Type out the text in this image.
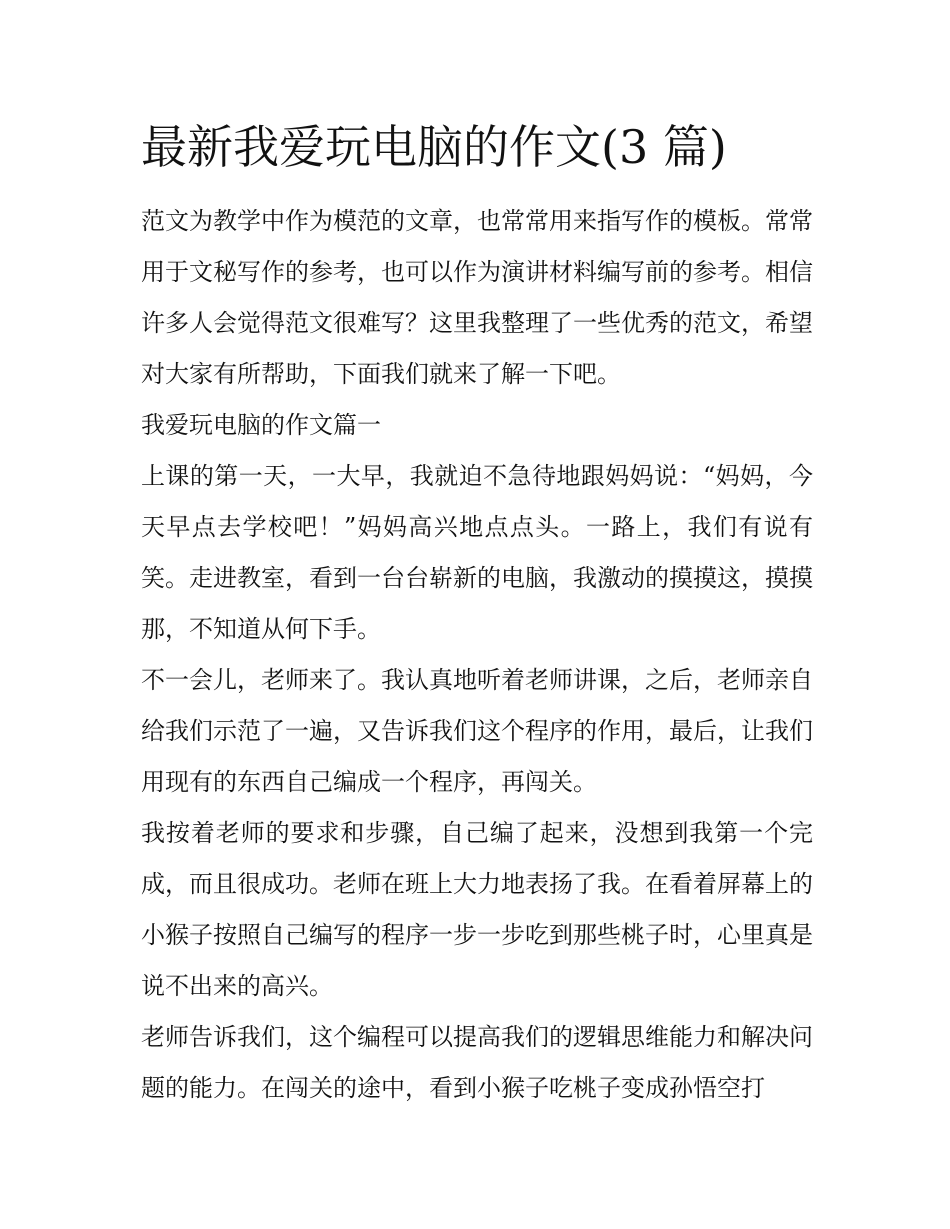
最新我爱玩电脑的作文(3 篇)

范文为教学中作为模范的文章，也常常用来指写作的模板。常常用于文秘写作的参考，也可以作为演讲材料编写前的参考。相信许多人会觉得范文很难写？这里我整理了一些优秀的范文，希望对大家有所帮助，下面我们就来了解一下吧。

我爱玩电脑的作文篇一

上课的第一天，一大早，我就迫不急待地跟妈妈说：“妈妈，今天早点去学校吧！”妈妈高兴地点点头。一路上，我们有说有笑。走进教室，看到一台台崭新的电脑，我激动的摸摸这，摸摸那，不知道从何下手。

不一会儿，老师来了。我认真地听着老师讲课，之后，老师亲自给我们示范了一遍，又告诉我们这个程序的作用，最后，让我们用现有的东西自己编成一个程序，再闯关。

我按着老师的要求和步骤，自己编了起来，没想到我第一个完成，而且很成功。老师在班上大力地表扬了我。在看着屏幕上的小猴子按照自己编写的程序一步一步吃到那些桃子时，心里真是说不出来的高兴。

老师告诉我们，这个编程可以提高我们的逻辑思维能力和解决问题的能力。在闯关的途中，看到小猴子吃桃子变成孙悟空打
